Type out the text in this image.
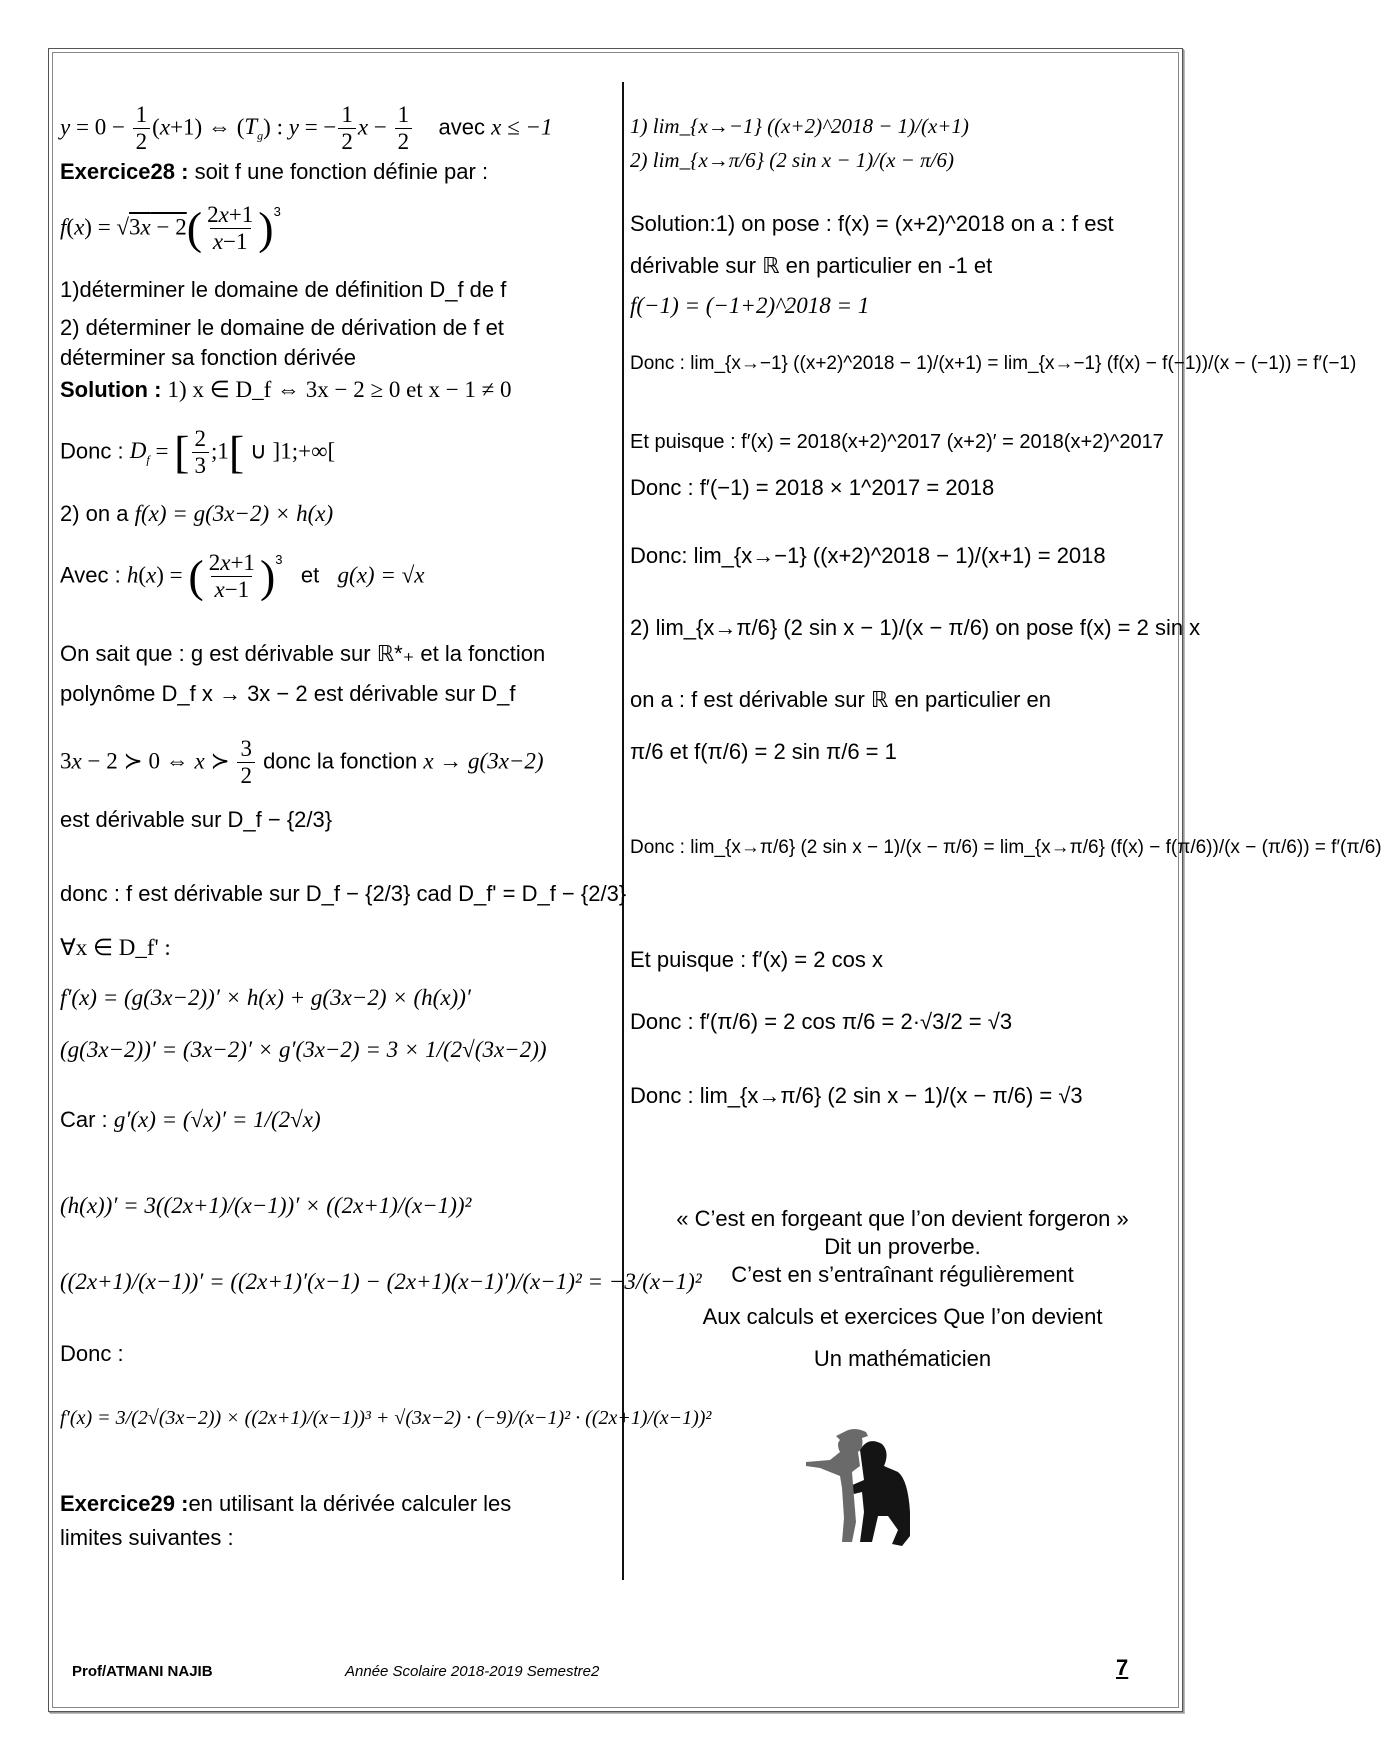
$y = 0 - \frac{1}{2} (x+1)$ ⇔ $(T_g)$ : y = − $\frac{1}{2}$ $x - \frac{1}{2}$ avec x ≤ −1
Exercice28 : soit f une fonction définie par :
$f(x) = √3x - 2( \frac{2x+1}{x-1} )^3$
1)déterminer le domaine de définition D_f de f
2) déterminer le domaine de dérivation de f et
déterminer sa fonction dérivée
Solution : 1) x ∈ D_f ⇔ 3x − 2 ≥ 0 et x − 1 ≠ 0
Donc : $D_f$ = [ $\frac{2}{3}$ ;1[ ∪ ]1;+∞[
2) on a f(x) = g(3x−2) × h(x)
Avec : h(x) = ( $\frac{2x+1}{x-1} )^3$   et g(x) = √x
On sait que : g est dérivable sur ℝ*₊ et la fonction
polynôme D_f x → 3x − 2 est dérivable sur D_f
3x − 2 ≻ 0 ⇔ x ≻ $\frac{3}{2}$ donc la fonction x → g(3x−2)
est dérivable sur D_f − {2/3}
donc : f est dérivable sur D_f − {2/3} cad D_f' = D_f − {2/3}
∀x ∈ D_f' :
f′(x) = (g(3x−2))′ × h(x) + g(3x−2) × (h(x))′
(g(3x−2))′ = (3x−2)′ × g′(3x−2) = 3 × 1/(2√(3x−2))
Car : g′(x) = (√x)′ = 1/(2√x)
(h(x))′ = 3((2x+1)/(x−1))′ × ((2x+1)/(x−1))²
((2x+1)/(x−1))′ = ((2x+1)′(x−1) − (2x+1)(x−1)′)/(x−1)² = −3/(x−1)²
Donc :
f′(x) = 3/(2√(3x−2)) × ((2x+1)/(x−1))³ + √(3x−2) · (−9)/(x−1)² · ((2x+1)/(x−1))²
Exercice29 :en utilisant la dérivée calculer les
limites suivantes :
1) lim_{x→−1} ((x+2)^2018 − 1)/(x+1)
2) lim_{x→π/6} (2 sin x − 1)/(x − π/6)
Solution:1) on pose : f(x) = (x+2)^2018 on a : f est
dérivable sur ℝ en particulier en -1 et
f(−1) = (−1+2)^2018 = 1
Donc : lim_{x→−1} ((x+2)^2018 − 1)/(x+1) = lim_{x→−1} (f(x) − f(−1))/(x − (−1)) = f′(−1)
Et puisque : f′(x) = 2018(x+2)^2017 (x+2)′ = 2018(x+2)^2017
Donc : f′(−1) = 2018 × 1^2017 = 2018
Donc: lim_{x→−1} ((x+2)^2018 − 1)/(x+1) = 2018
2) lim_{x→π/6} (2 sin x − 1)/(x − π/6) on pose f(x) = 2 sin x
on a : f est dérivable sur ℝ en particulier en
π/6 et f(π/6) = 2 sin π/6 = 1
Donc : lim_{x→π/6} (2 sin x − 1)/(x − π/6) = lim_{x→π/6} (f(x) − f(π/6))/(x − (π/6)) = f′(π/6)
Et puisque : f′(x) = 2 cos x
Donc : f′(π/6) = 2 cos π/6 = 2·√3/2 = √3
Donc : lim_{x→π/6} (2 sin x − 1)/(x − π/6) = √3
« C’est en forgeant que l’on devient forgeron »
Dit un proverbe.
C’est en s’entraînant régulièrement
Aux calculs et exercices Que l’on devient
Un mathématicien
Prof/ATMANI NAJIB	Année Scolaire 2018-2019 Semestre2	7
